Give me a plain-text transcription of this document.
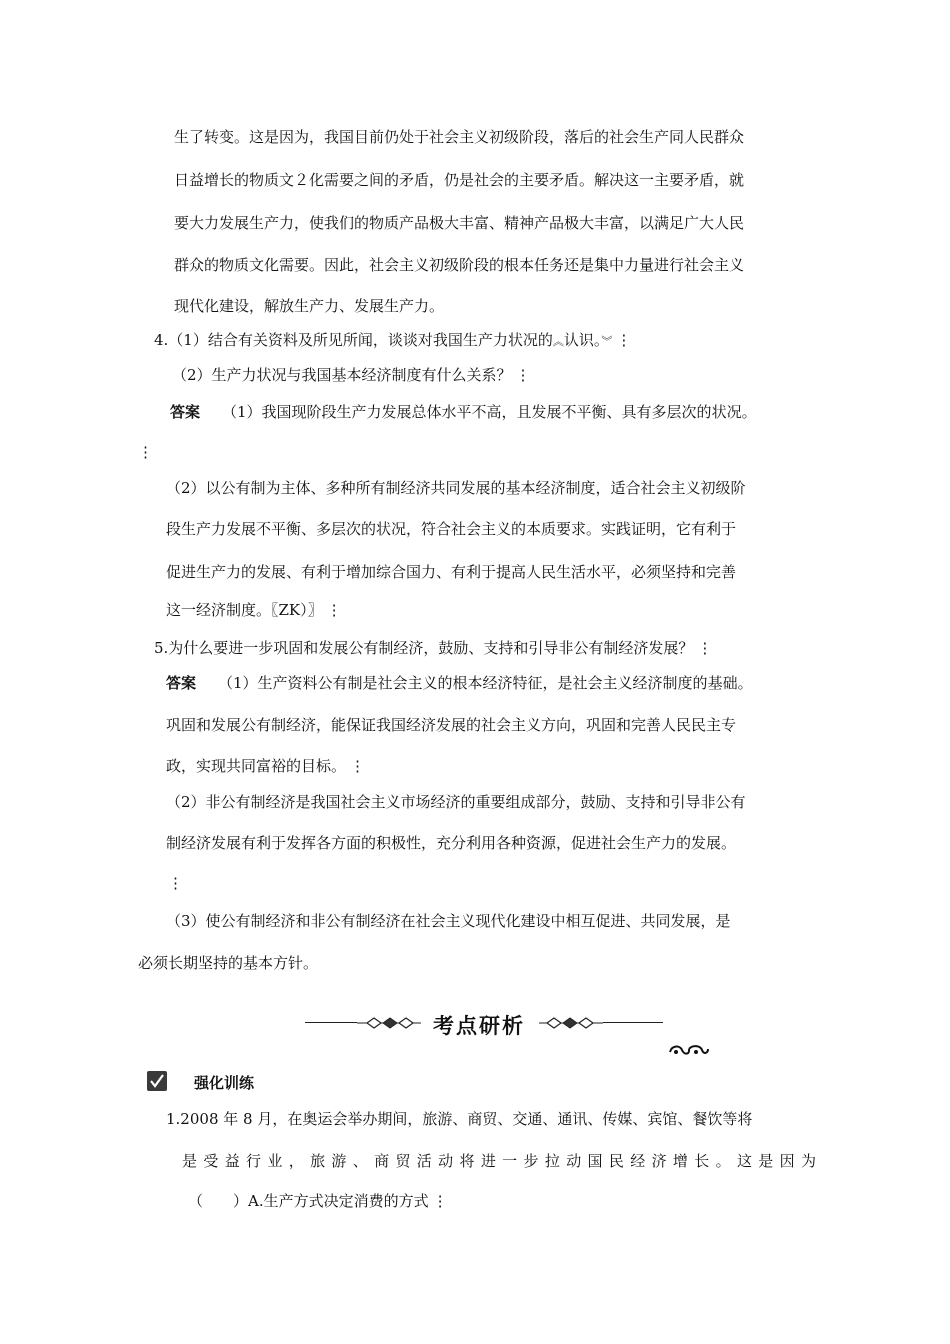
生了转变。这是因为，我国目前仍处于社会主义初级阶段，落后的社会生产同人民群众
日益增长的物质文２化需要之间的矛盾，仍是社会的主要矛盾。解决这一主要矛盾，就
要大力发展生产力，使我们的物质产品极大丰富、精神产品极大丰富，以满足广大人民
群众的物质文化需要。因此，社会主义初级阶段的根本任务还是集中力量进行社会主义
现代化建设，解放生产力、发展生产力。
4.（1）结合有关资料及所见所闻，谈谈对我国生产力状况的︽认识。︾ ⋮
（2）生产力状况与我国基本经济制度有什么关系？ ⋮
答案 （1）我国现阶段生产力发展总体水平不高，且发展不平衡、具有多层次的状况。
⋮
（2）以公有制为主体、多种所有制经济共同发展的基本经济制度，适合社会主义初级阶
段生产力发展不平衡、多层次的状况，符合社会主义的本质要求。实践证明，它有利于
促进生产力的发展、有利于增加综合国力、有利于提高人民生活水平，必须坚持和完善
这一经济制度。〖ZK）〗 ⋮
5.为什么要进一步巩固和发展公有制经济，鼓励、支持和引导非公有制经济发展？ ⋮
答案 （1）生产资料公有制是社会主义的根本经济特征，是社会主义经济制度的基础。
巩固和发展公有制经济，能保证我国经济发展的社会主义方向，巩固和完善人民民主专
政，实现共同富裕的目标。 ⋮
（2）非公有制经济是我国社会主义市场经济的重要组成部分，鼓励、支持和引导非公有
制经济发展有利于发挥各方面的积极性，充分利用各种资源，促进社会生产力的发展。
⋮
（3）使公有制经济和非公有制经济在社会主义现代化建设中相互促进、共同发展，是
必须长期坚持的基本方针。
考点研析
强化训练
1.2008 年 8 月，在奥运会举办期间，旅游、商贸、交通、通讯、传媒、宾馆、餐饮等将
是受益行业，旅游、商贸活动将进一步拉动国民经济增长。这是因为
（　　）A.生产方式决定消费的方式 ⋮
